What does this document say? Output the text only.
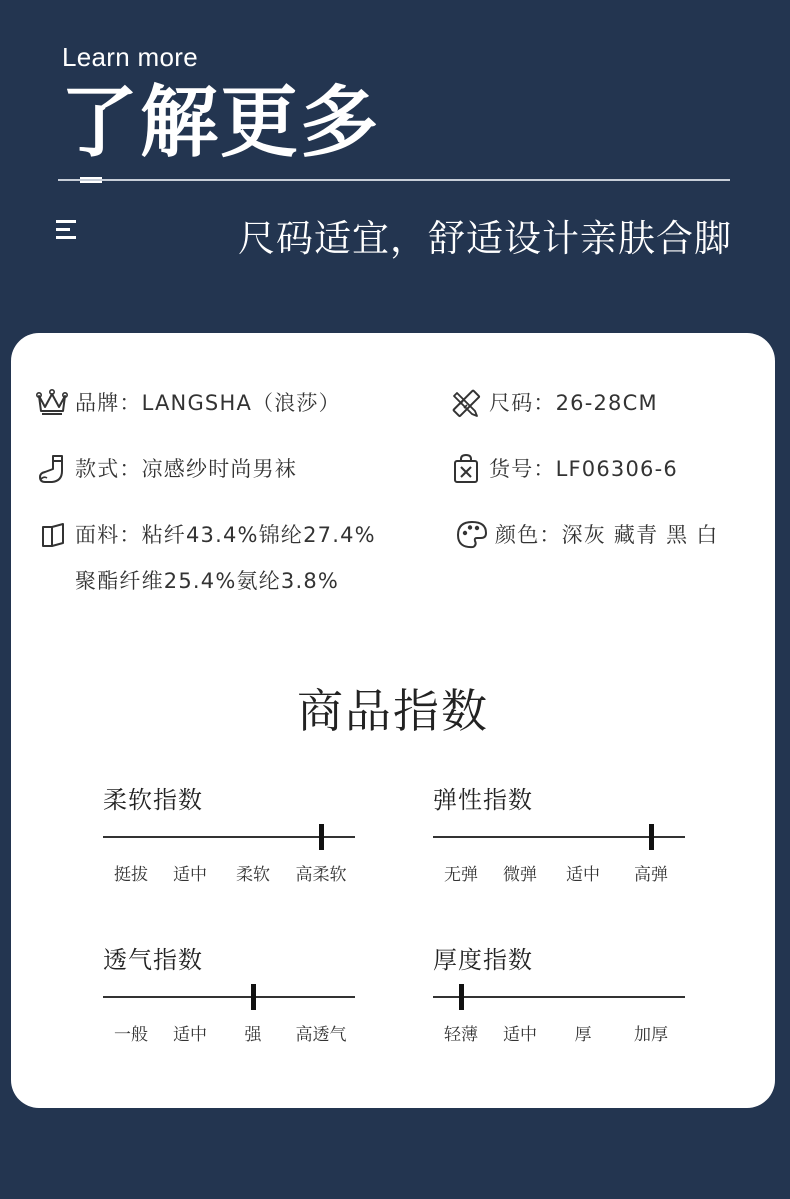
Learn more
了解更多
尺码适宜，舒适设计亲肤合脚
品牌：LANGSHA（浪莎）	尺码：26-28CM
款式：凉感纱时尚男袜	货号：LF06306-6
面料：粘纤43.4%锦纶27.4%
聚酯纤维25.4%氨纶3.8%
颜色：深灰 藏青 黑 白
商品指数
柔软指数
挺拔 适中 柔软 高柔软
弹性指数
无弹 微弹 适中 高弹
透气指数
一般 适中 强 高透气
厚度指数
轻薄 适中 厚	加厚
